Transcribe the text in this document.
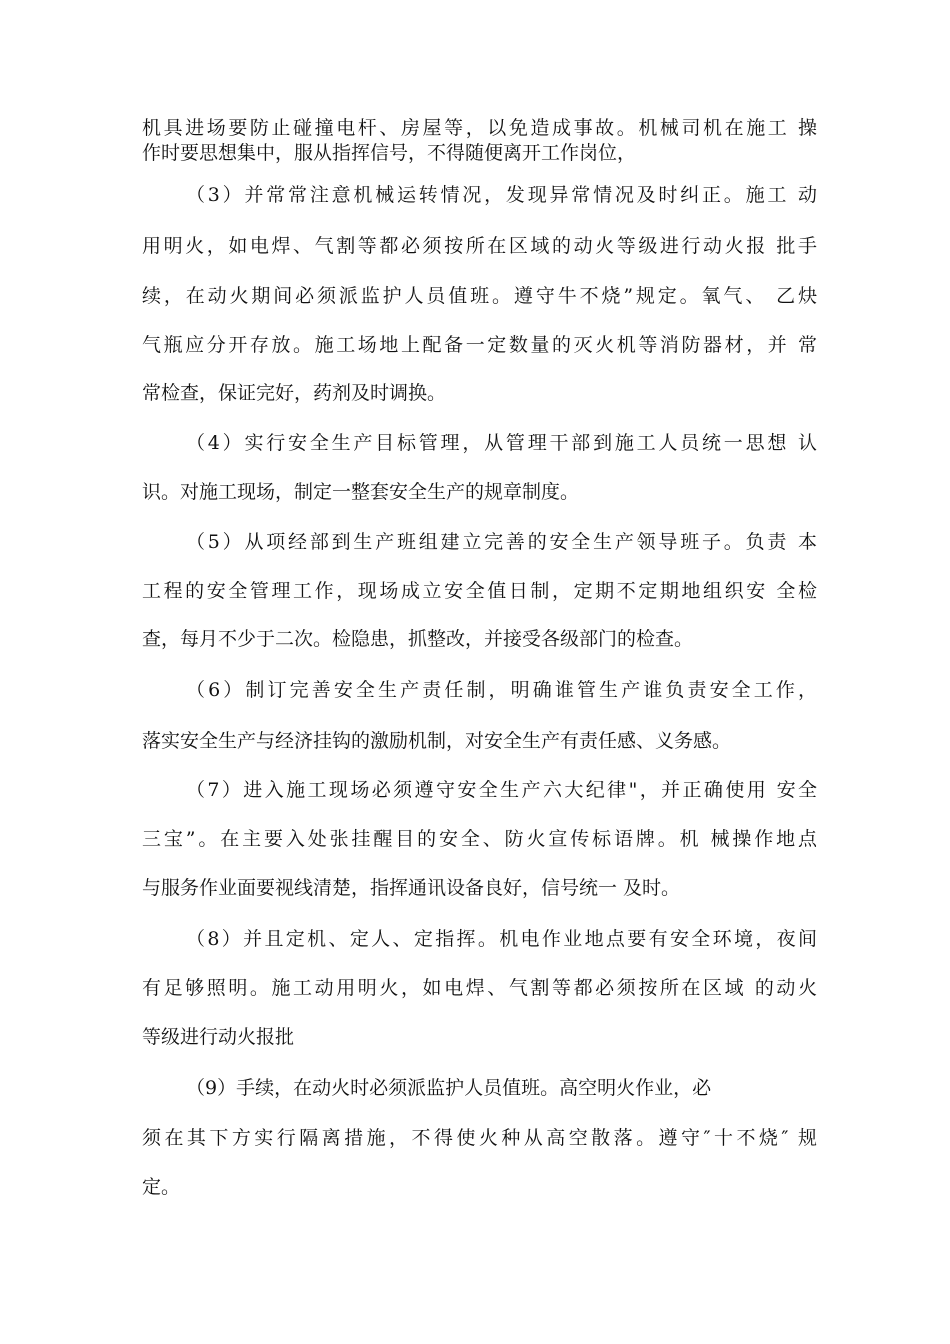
机具进场要防止碰撞电杆、房屋等，以免造成事故。机械司机在施工 操
作时要思想集中，服从指挥信号，不得随便离开工作岗位，
（3）并常常注意机械运转情况，发现异常情况及时纠正。施工 动
用明火，如电焊、气割等都必须按所在区域的动火等级进行动火报 批手
续，在动火期间必须派监护人员值班。遵守牛不烧”规定。氧气、 乙炔
气瓶应分开存放。施工场地上配备一定数量的灭火机等消防器材，并 常
常检查，保证完好，药剂及时调换。
（4）实行安全生产目标管理，从管理干部到施工人员统一思想 认
识。对施工现场，制定一整套安全生产的规章制度。
（5）从项经部到生产班组建立完善的安全生产领导班子。负责 本
工程的安全管理工作，现场成立安全值日制，定期不定期地组织安 全检
查，每月不少于二次。检隐患，抓整改，并接受各级部门的检查。
（6）制订完善安全生产责任制，明确谁管生产谁负责安全工作，
落实安全生产与经济挂钩的激励机制，对安全生产有责任感、义务感。
（7）进入施工现场必须遵守安全生产六大纪律"，并正确使用 安全
三宝”。在主要入处张挂醒目的安全、防火宣传标语牌。机 械操作地点
与服务作业面要视线清楚，指挥通讯设备良好，信号统一 及时。
（8）并且定机、定人、定指挥。机电作业地点要有安全环境，夜间
有足够照明。施工动用明火，如电焊、气割等都必须按所在区域 的动火
等级进行动火报批
（9）手续，在动火时必须派监护人员值班。高空明火作业，必
须在其下方实行隔离措施，不得使火种从高空散落。遵守″十不烧″ 规
定。
